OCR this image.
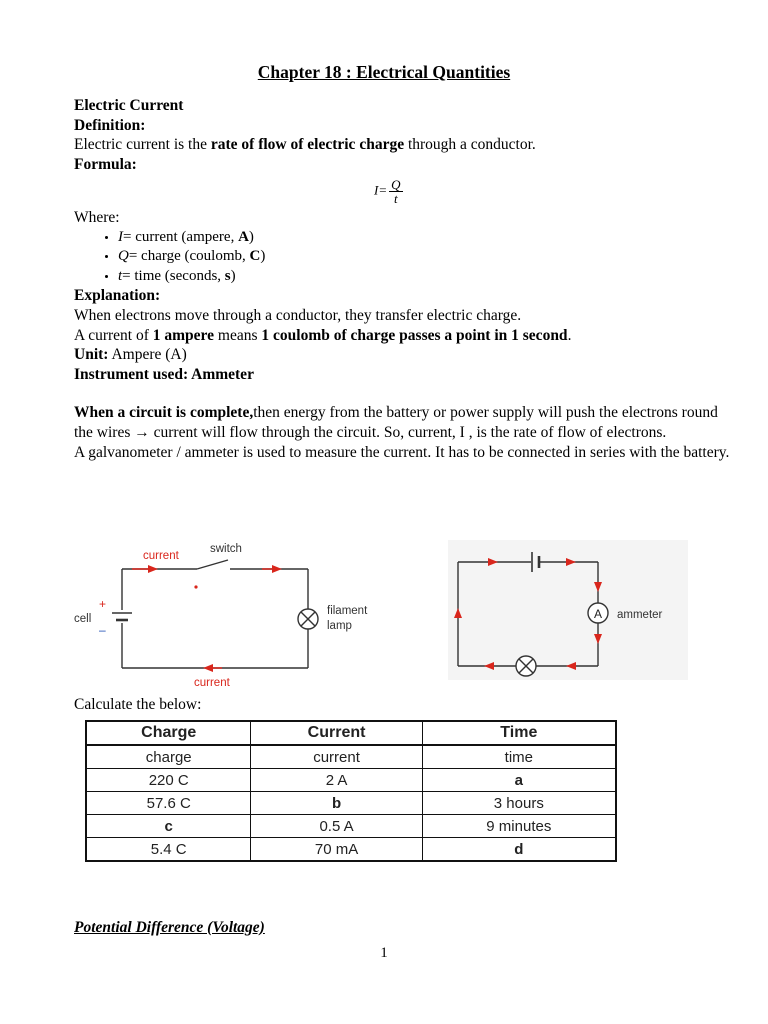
Chapter 18 : Electrical Quantities
Electric Current
Definition:
Electric current is the rate of flow of electric charge through a conductor.
Formula:
$I= \frac{Q}{t}$
Where:
• I= current (ampere, A)
• Q= charge (coulomb, C)
• t= time (seconds, s)
Explanation:
When electrons move through a conductor, they transfer electric charge.
A current of 1 ampere means 1 coulomb of charge passes a point in 1 second.
Unit: Ampere (A)
Instrument used: Ammeter
When a circuit is complete,then energy from the battery or power supply will push the electrons round the wires → current will flow through the circuit. So, current, I , is the rate of flow of electrons.
A galvanometer / ammeter is used to measure the current. It has to be connected in series with the battery.
current
switch
cell
+
–
filament
lamp
current
A ammeter
Calculate the below:
Charge	Current	Time
charge	current	time
220 C	2 A	a
57.6 C	b	3 hours
c	0.5 A	9 minutes
5.4 C	70 mA	d
Potential Difference (Voltage)
1
